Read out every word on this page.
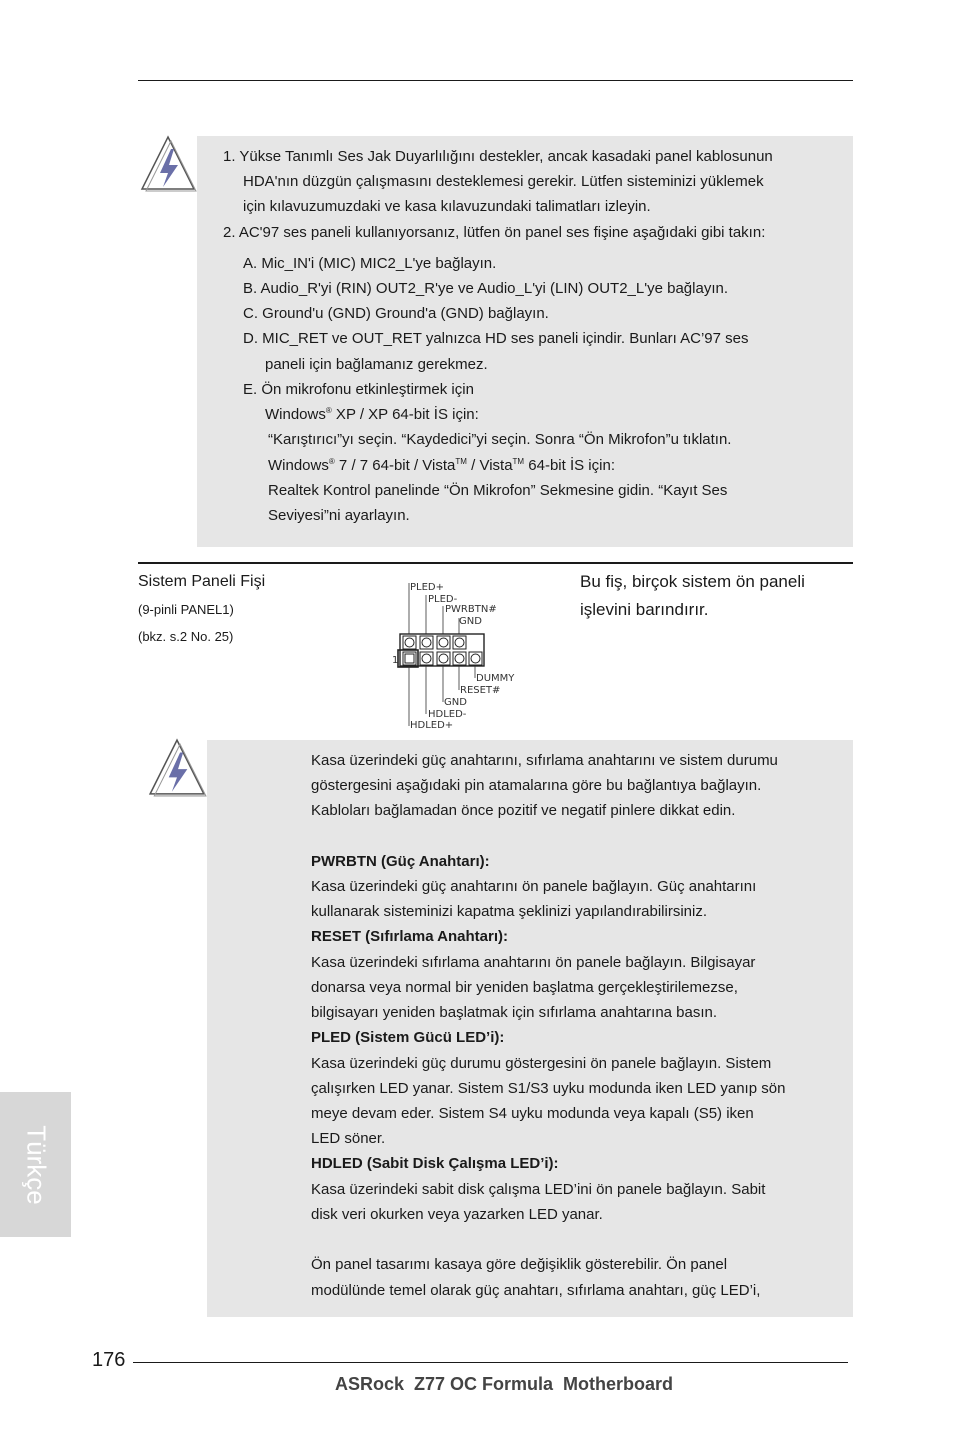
1. Yükse Tanımlı Ses Jak Duyarlılığını destekler, ancak kasadaki panel kablosunun
HDA'nın düzgün çalışmasını desteklemesi gerekir. Lütfen sisteminizi yüklemek
için kılavuzumuzdaki ve kasa kılavuzundaki talimatları izleyin.
2. AC'97 ses paneli kullanıyorsanız, lütfen ön panel ses fişine aşağıdaki gibi takın:
A. Mic_IN'i (MIC) MIC2_L'ye bağlayın.
B. Audio_R'yi (RIN) OUT2_R'ye ve Audio_L'yi (LIN) OUT2_L'ye bağlayın.
C. Ground'u (GND) Ground'a (GND) bağlayın.
D. MIC_RET ve OUT_RET yalnızca HD ses paneli içindir. Bunları AC’97 ses
paneli için bağlamanız gerekmez.
E. Ön mikrofonu etkinleştirmek için
Windows® XP / XP 64-bit İS için:
“Karıştırıcı”yı seçin. “Kaydedici”yi seçin. Sonra “Ön Mikrofon”u tıklatın.
Windows® 7 / 7 64-bit / Vista™ / Vista™ 64-bit İS için:
Realtek Kontrol panelinde “Ön Mikrofon” Sekmesine gidin. “Kayıt Ses
Seviyesi”ni ayarlayın.
Sistem Paneli Fişi
(9-pinli PANEL1)
(bkz. s.2 No. 25)
Bu fiş, birçok sistem ön paneli
işlevini barındırır.
PLED+
PLED-
PWRBTN#
GND
1
DUMMY
RESET#
GND
HDLED-
HDLED+
Kasa üzerindeki güç anahtarını, sıfırlama anahtarını ve sistem durumu
göstergesini aşağıdaki pin atamalarına göre bu bağlantıya bağlayın.
Kabloları bağlamadan önce pozitif ve negatif pinlere dikkat edin.
PWRBTN (Güç Anahtarı):
Kasa üzerindeki güç anahtarını ön panele bağlayın. Güç anahtarını
kullanarak sisteminizi kapatma şeklinizi yapılandırabilirsiniz.
RESET (Sıfırlama Anahtarı):
Kasa üzerindeki sıfırlama anahtarını ön panele bağlayın. Bilgisayar
donarsa veya normal bir yeniden başlatma gerçekleştirilemezse,
bilgisayarı yeniden başlatmak için sıfırlama anahtarına basın.
PLED (Sistem Gücü LED’i):
Kasa üzerindeki güç durumu göstergesini ön panele bağlayın. Sistem
çalışırken LED yanar. Sistem S1/S3 uyku modunda iken LED yanıp sön
meye devam eder. Sistem S4 uyku modunda veya kapalı (S5) iken
LED söner.
HDLED (Sabit Disk Çalışma LED’i):
Kasa üzerindeki sabit disk çalışma LED’ini ön panele bağlayın. Sabit
disk veri okurken veya yazarken LED yanar.
Ön panel tasarımı kasaya göre değişiklik gösterebilir. Ön panel
modülünde temel olarak güç anahtarı, sıfırlama anahtarı, güç LED’i,
Türkçe
176
ASRock  Z77 OC Formula  Motherboard
